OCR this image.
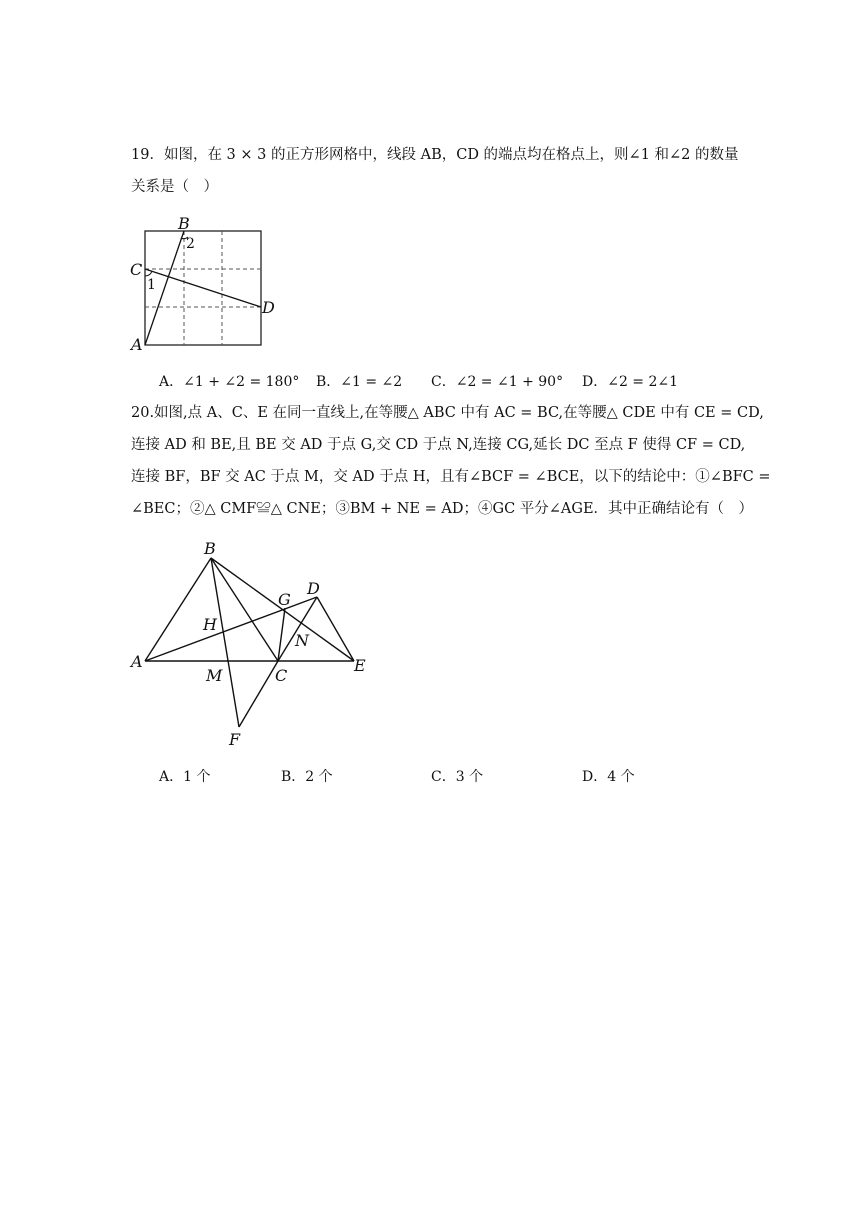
19．如图，在 3 × 3 的正方形网格中，线段 AB，CD 的端点均在格点上，则∠1 和∠2 的数量
关系是（　）
A
B
C
D
1
2
A．∠1 + ∠2 = 180° B．∠1 = ∠2 C．∠2 = ∠1 + 90° D．∠2 = 2∠1
20.如图,点 A、C、E 在同一直线上,在等腰△ ABC 中有 AC = BC,在等腰△ CDE 中有 CE = CD,
连接 AD 和 BE,且 BE 交 AD 于点 G,交 CD 于点 N,连接 CG,延长 DC 至点 F 使得 CF = CD,
连接 BF，BF 交 AC 于点 M，交 AD 于点 H，且有∠BCF = ∠BCE，以下的结论中：①∠BFC =
∠BEC；②△ CMF≌△ CNE；③BM + NE = AD；④GC 平分∠AGE．其中正确结论有（　）
B
A
H
G
D
N
M	C
E
F
A．1 个	B．2 个	C．3 个	D．4 个
